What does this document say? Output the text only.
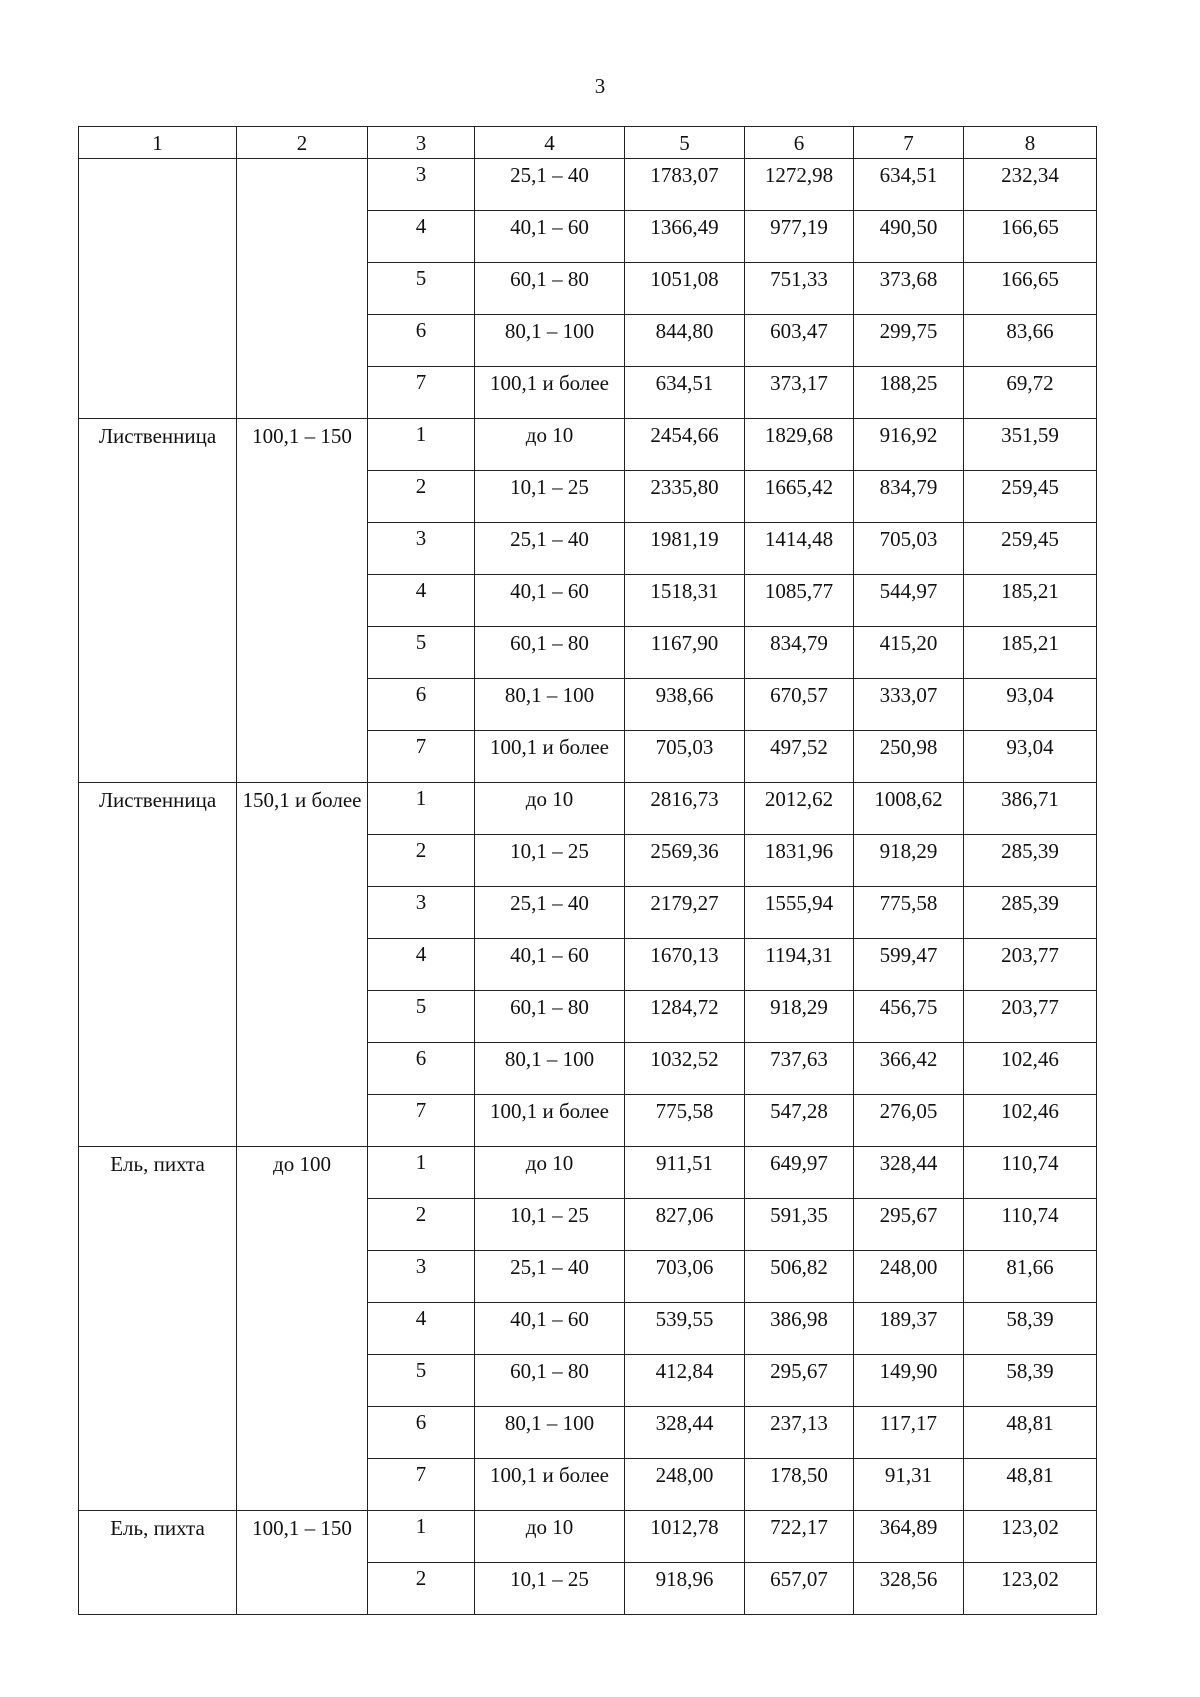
3
1	2	3	4	5	6	7	8
		3	25,1 – 40	1783,07	1272,98	634,51	232,34
		4	40,1 – 60	1366,49	977,19	490,50	166,65
		5	60,1 – 80	1051,08	751,33	373,68	166,65
		6	80,1 – 100	844,80	603,47	299,75	83,66
		7	100,1 и более	634,51	373,17	188,25	69,72
Лиственница	100,1 – 150	1	до 10	2454,66	1829,68	916,92	351,59
		2	10,1 – 25	2335,80	1665,42	834,79	259,45
		3	25,1 – 40	1981,19	1414,48	705,03	259,45
		4	40,1 – 60	1518,31	1085,77	544,97	185,21
		5	60,1 – 80	1167,90	834,79	415,20	185,21
		6	80,1 – 100	938,66	670,57	333,07	93,04
		7	100,1 и более	705,03	497,52	250,98	93,04
Лиственница	150,1 и более	1	до 10	2816,73	2012,62	1008,62	386,71
		2	10,1 – 25	2569,36	1831,96	918,29	285,39
		3	25,1 – 40	2179,27	1555,94	775,58	285,39
		4	40,1 – 60	1670,13	1194,31	599,47	203,77
		5	60,1 – 80	1284,72	918,29	456,75	203,77
		6	80,1 – 100	1032,52	737,63	366,42	102,46
		7	100,1 и более	775,58	547,28	276,05	102,46
Ель, пихта	до 100	1	до 10	911,51	649,97	328,44	110,74
		2	10,1 – 25	827,06	591,35	295,67	110,74
		3	25,1 – 40	703,06	506,82	248,00	81,66
		4	40,1 – 60	539,55	386,98	189,37	58,39
		5	60,1 – 80	412,84	295,67	149,90	58,39
		6	80,1 – 100	328,44	237,13	117,17	48,81
		7	100,1 и более	248,00	178,50	91,31	48,81
Ель, пихта	100,1 – 150	1	до 10	1012,78	722,17	364,89	123,02
		2	10,1 – 25	918,96	657,07	328,56	123,02
